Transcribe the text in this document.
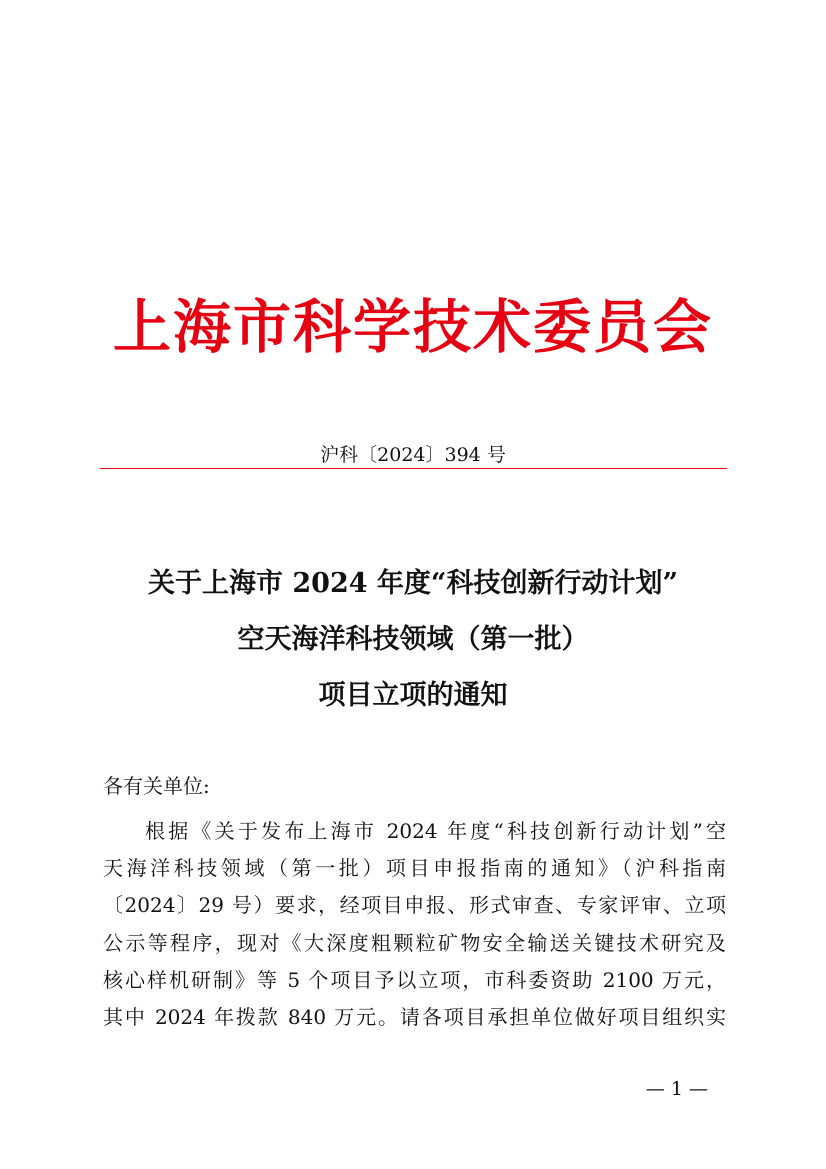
上海市科学技术委员会
沪科〔2024〕394 号
关于上海市 2024 年度“科技创新行动计划”
空天海洋科技领域（第一批）
项目立项的通知
各有关单位:
根据《关于发布上海市 2024 年度“科技创新行动计划”空
天海洋科技领域（第一批）项目申报指南的通知》（沪科指南
〔2024〕29 号）要求，经项目申报、形式审查、专家评审、立项
公示等程序，现对《大深度粗颗粒矿物安全输送关键技术研究及
核心样机研制》等 5 个项目予以立项，市科委资助 2100 万元，
其中 2024 年拨款 840 万元。请各项目承担单位做好项目组织实
— 1 —
